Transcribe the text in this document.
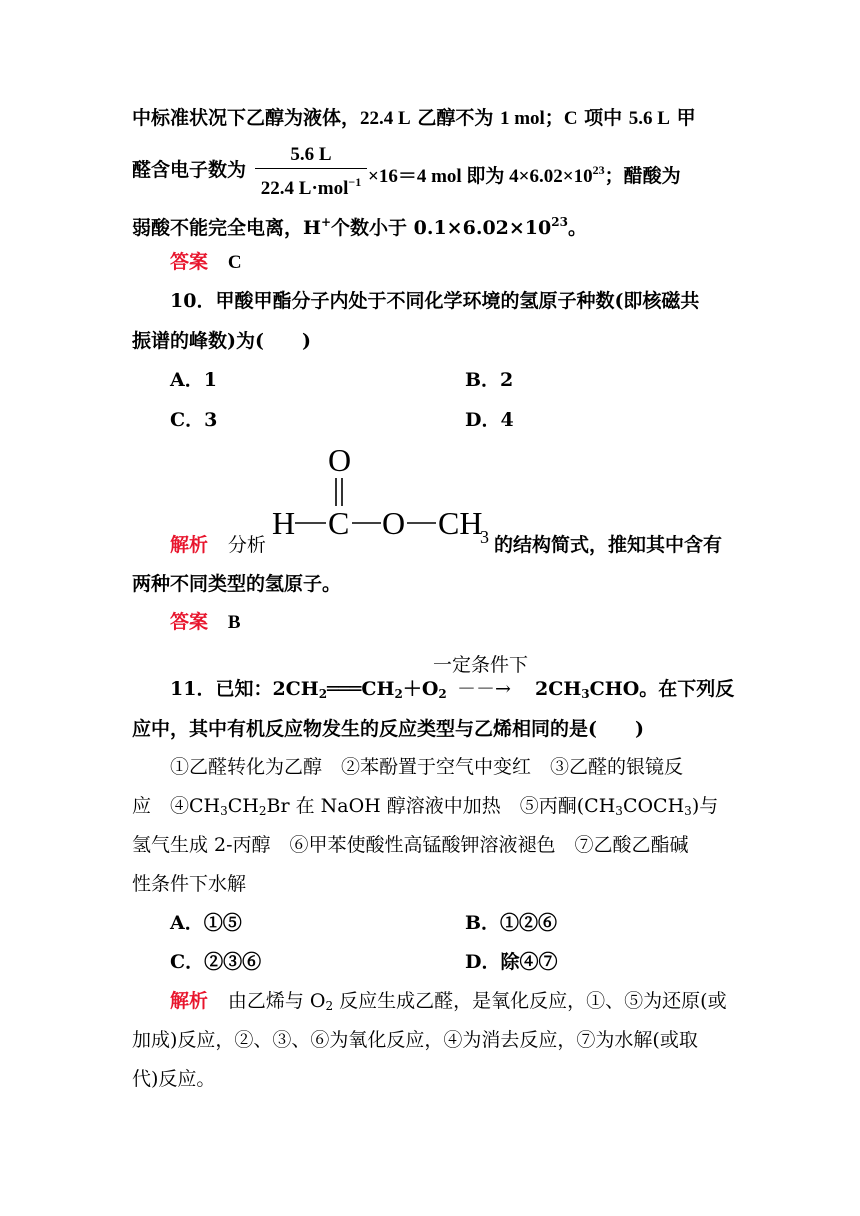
中标准状况下乙醇为液体，22.4 L 乙醇不为 1 mol；C 项中 5.6 L 甲
醛含电子数为
5.6 L
22.4 L·mol$^{-1}$ ×16＝4 mol 即为 $4\times 6.02\times 10^{23}$；醋酸为
弱酸不能完全电离，H+个数小于 $0.1\times 6.02\times 10^{23}$。
答案 C
10．甲酸甲酯分子内处于不同化学环境的氢原子种数(即核磁共
振谱的峰数)为(　　)
A．1	B．2
C．3	D．4
O
H C O CH
3
解析 分析	的结构简式，推知其中含有
两种不同类型的氢原子。
答案 B
一定条件下
11．已知：$2CH_2═══CH_2+O_2$ －－→ $2CH_3CHO$。在下列反
应中，其中有机反应物发生的反应类型与乙烯相同的是(　　)
①乙醛转化为乙醇　②苯酚置于空气中变红　③乙醛的银镜反
应　$④CH_3CH_2Br$ 在 NaOH 醇溶液中加热　⑤丙酮$(CH_3COCH_3)$与
氢气生成 2-丙醇　⑥甲苯使酸性高锰酸钾溶液褪色　⑦乙酸乙酯碱
性条件下水解
A．①⑤	B．①②⑥
C．②③⑥	D．除④⑦
解析 由乙烯与 $O_2$ 反应生成乙醛，是氧化反应，①、⑤为还原(或
加成)反应，②、③、⑥为氧化反应，④为消去反应，⑦为水解(或取
代)反应。
